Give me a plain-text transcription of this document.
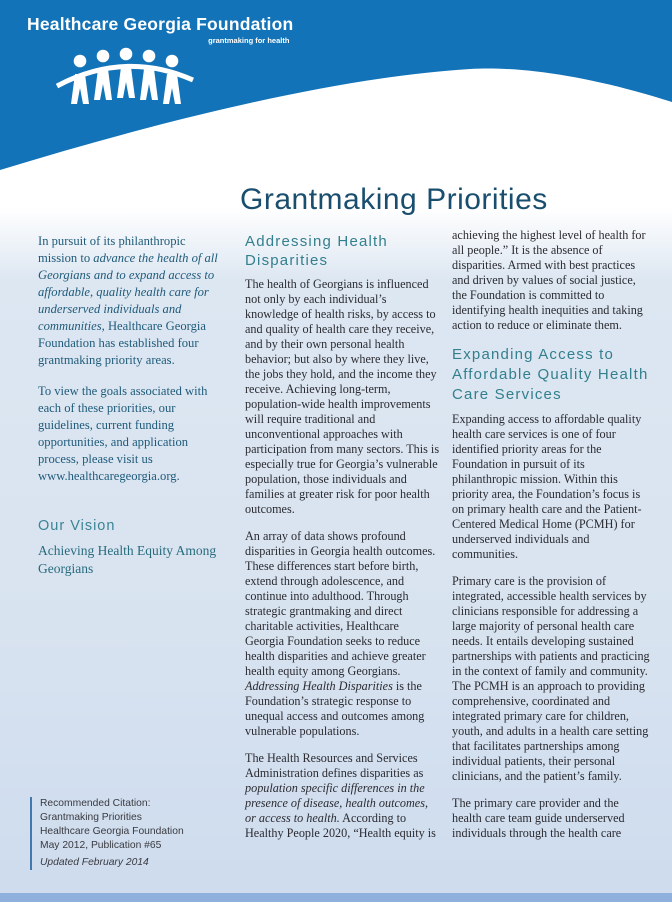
Healthcare Georgia Foundation
grantmaking for health
Grantmaking Priorities

In pursuit of its philanthropic mission to advance the health of all Georgians and to expand access to affordable, quality health care for underserved individuals and communities, Healthcare Georgia Foundation has established four grantmaking priority areas.

To view the goals associated with each of these priorities, our guidelines, current funding opportunities, and application process, please visit us www.healthcaregeorgia.org.

Our Vision

Achieving Health Equity Among Georgians

Recommended Citation:
Grantmaking Priorities
Healthcare Georgia Foundation
May 2012, Publication #65
Updated February 2014
Addressing Health Disparities

The health of Georgians is influenced not only by each individual’s knowledge of health risks, by access to and quality of health care they receive, and by their own personal health behavior; but also by where they live, the jobs they hold, and the income they receive. Achieving long-term, population-wide health improvements will require traditional and unconventional approaches with participation from many sectors. This is especially true for Georgia’s vulnerable population, those individuals and families at greater risk for poor health outcomes.

An array of data shows profound disparities in Georgia health outcomes. These differences start before birth, extend through adolescence, and continue into adulthood. Through strategic grantmaking and direct charitable activities, Healthcare Georgia Foundation seeks to reduce health disparities and achieve greater health equity among Georgians. Addressing Health Disparities is the Foundation’s strategic response to unequal access and outcomes among vulnerable populations.

The Health Resources and Services Administration defines disparities as population specific differences in the presence of disease, health outcomes, or access to health. According to Healthy People 2020, “Health equity is

achieving the highest level of health for all people.” It is the absence of disparities. Armed with best practices and driven by values of social justice, the Foundation is committed to identifying health inequities and taking action to reduce or eliminate them.

Expanding Access to Affordable Quality Health Care Services

Expanding access to affordable quality health care services is one of four identified priority areas for the Foundation in pursuit of its philanthropic mission. Within this priority area, the Foundation’s focus is on primary health care and the Patient-Centered Medical Home (PCMH) for underserved individuals and communities.

Primary care is the provision of integrated, accessible health services by clinicians responsible for addressing a large majority of personal health care needs. It entails developing sustained partnerships with patients and practicing in the context of family and community. The PCMH is an approach to providing comprehensive, coordinated and integrated primary care for children, youth, and adults in a health care setting that facilitates partnerships among individual patients, their personal clinicians, and the patient’s family.

The primary care provider and the health care team guide underserved individuals through the health care
